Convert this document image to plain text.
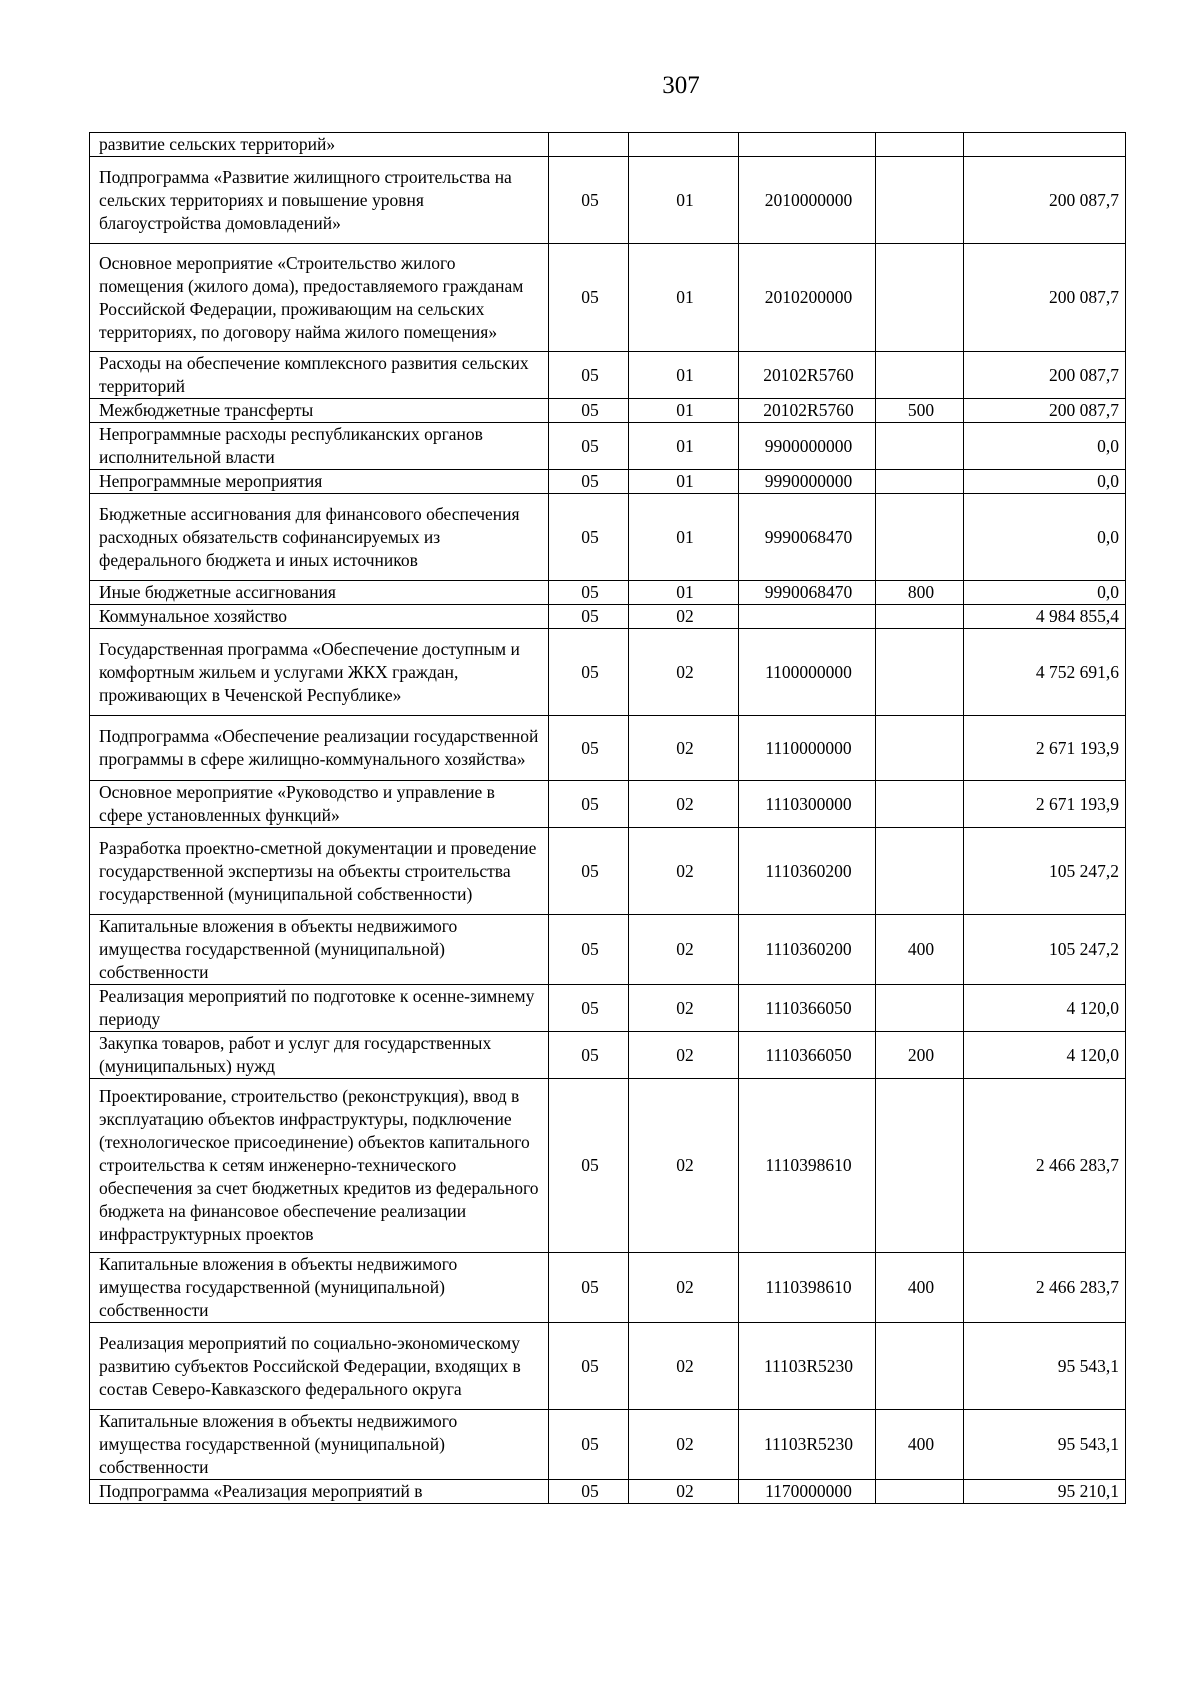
307
развитие сельских территорий»					
Подпрограмма «Развитие жилищного строительства на сельских территориях и повышение уровня благоустройства домовладений»	05	01	2010000000		200 087,7
Основное мероприятие «Строительство жилого помещения (жилого дома), предоставляемого гражданам Российской Федерации, проживающим на сельских территориях, по договору найма жилого помещения»	05	01	2010200000		200 087,7
Расходы на обеспечение комплексного развития сельских территорий	05	01	20102R5760		200 087,7
Межбюджетные трансферты	05	01	20102R5760	500	200 087,7
Непрограммные расходы республиканских органов исполнительной власти	05	01	9900000000		0,0
Непрограммные мероприятия	05	01	9990000000		0,0
Бюджетные ассигнования для финансового обеспечения расходных обязательств софинансируемых из федерального бюджета и иных источников	05	01	9990068470		0,0
Иные бюджетные ассигнования	05	01	9990068470	800	0,0
Коммунальное хозяйство	05	02			4 984 855,4
Государственная программа «Обеспечение доступным и комфортным жильем и услугами ЖКХ граждан, проживающих в Чеченской Республике»	05	02	1100000000		4 752 691,6
Подпрограмма «Обеспечение реализации государственной программы в сфере жилищно-коммунального хозяйства»	05	02	1110000000		2 671 193,9
Основное мероприятие «Руководство и управление в сфере установленных функций»	05	02	1110300000		2 671 193,9
Разработка проектно-сметной документации и проведение государственной экспертизы на объекты строительства государственной (муниципальной собственности)	05	02	1110360200		105 247,2
Капитальные вложения в объекты недвижимого имущества государственной (муниципальной) собственности	05	02	1110360200	400	105 247,2
Реализация мероприятий по подготовке к осенне-зимнему периоду	05	02	1110366050		4 120,0
Закупка товаров, работ и услуг для государственных (муниципальных) нужд	05	02	1110366050	200	4 120,0
Проектирование, строительство (реконструкция), ввод в эксплуатацию объектов инфраструктуры, подключение (технологическое присоединение) объектов капитального строительства к сетям инженерно-технического обеспечения за счет бюджетных кредитов из федерального бюджета на финансовое обеспечение реализации инфраструктурных проектов	05	02	1110398610		2 466 283,7
Капитальные вложения в объекты недвижимого имущества государственной (муниципальной) собственности	05	02	1110398610	400	2 466 283,7
Реализация мероприятий по социально-экономическому развитию субъектов Российской Федерации, входящих в состав Северо-Кавказского федерального округа	05	02	11103R5230		95 543,1
Капитальные вложения в объекты недвижимого имущества государственной (муниципальной) собственности	05	02	11103R5230	400	95 543,1
Подпрограмма «Реализация мероприятий в	05	02	1170000000		95 210,1
